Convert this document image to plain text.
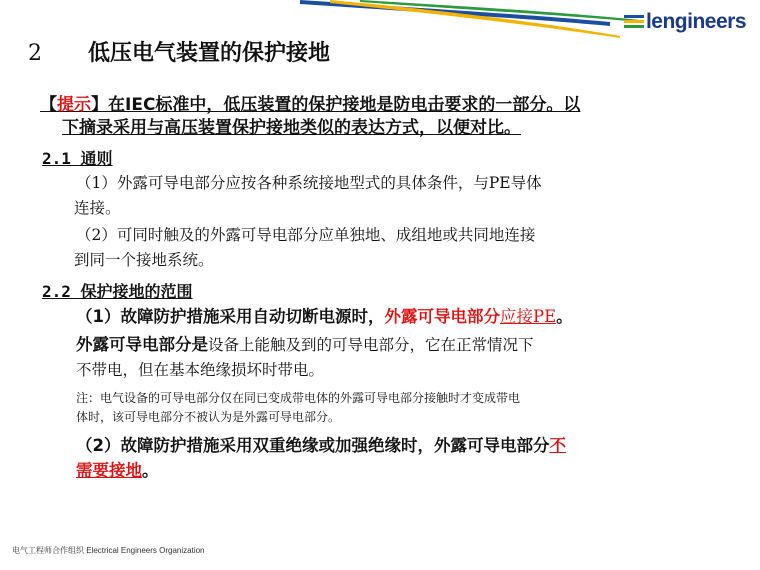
lengineers
2 低压电气装置的保护接地

【提示】在IEC标准中，低压装置的保护接地是防电击要求的一部分。以
下摘录采用与高压装置保护接地类似的表达方式，以便对比。

2.1 通则
（1）外露可导电部分应按各种系统接地型式的具体条件，与PE导体
连接。
（2）可同时触及的外露可导电部分应单独地、成组地或共同地连接
到同一个接地系统。
2.2 保护接地的范围
（1）故障防护措施采用自动切断电源时，外露可导电部分应接PE。
外露可导电部分是设备上能触及到的可导电部分，它在正常情况下
不带电，但在基本绝缘损坏时带电。
注：电气设备的可导电部分仅在同已变成带电体的外露可导电部分接触时才变成带电
体时，该可导电部分不被认为是外露可导电部分。
（2）故障防护措施采用双重绝缘或加强绝缘时，外露可导电部分不
需要接地。
电气工程师合作组织 Electrical Engineers Organization
